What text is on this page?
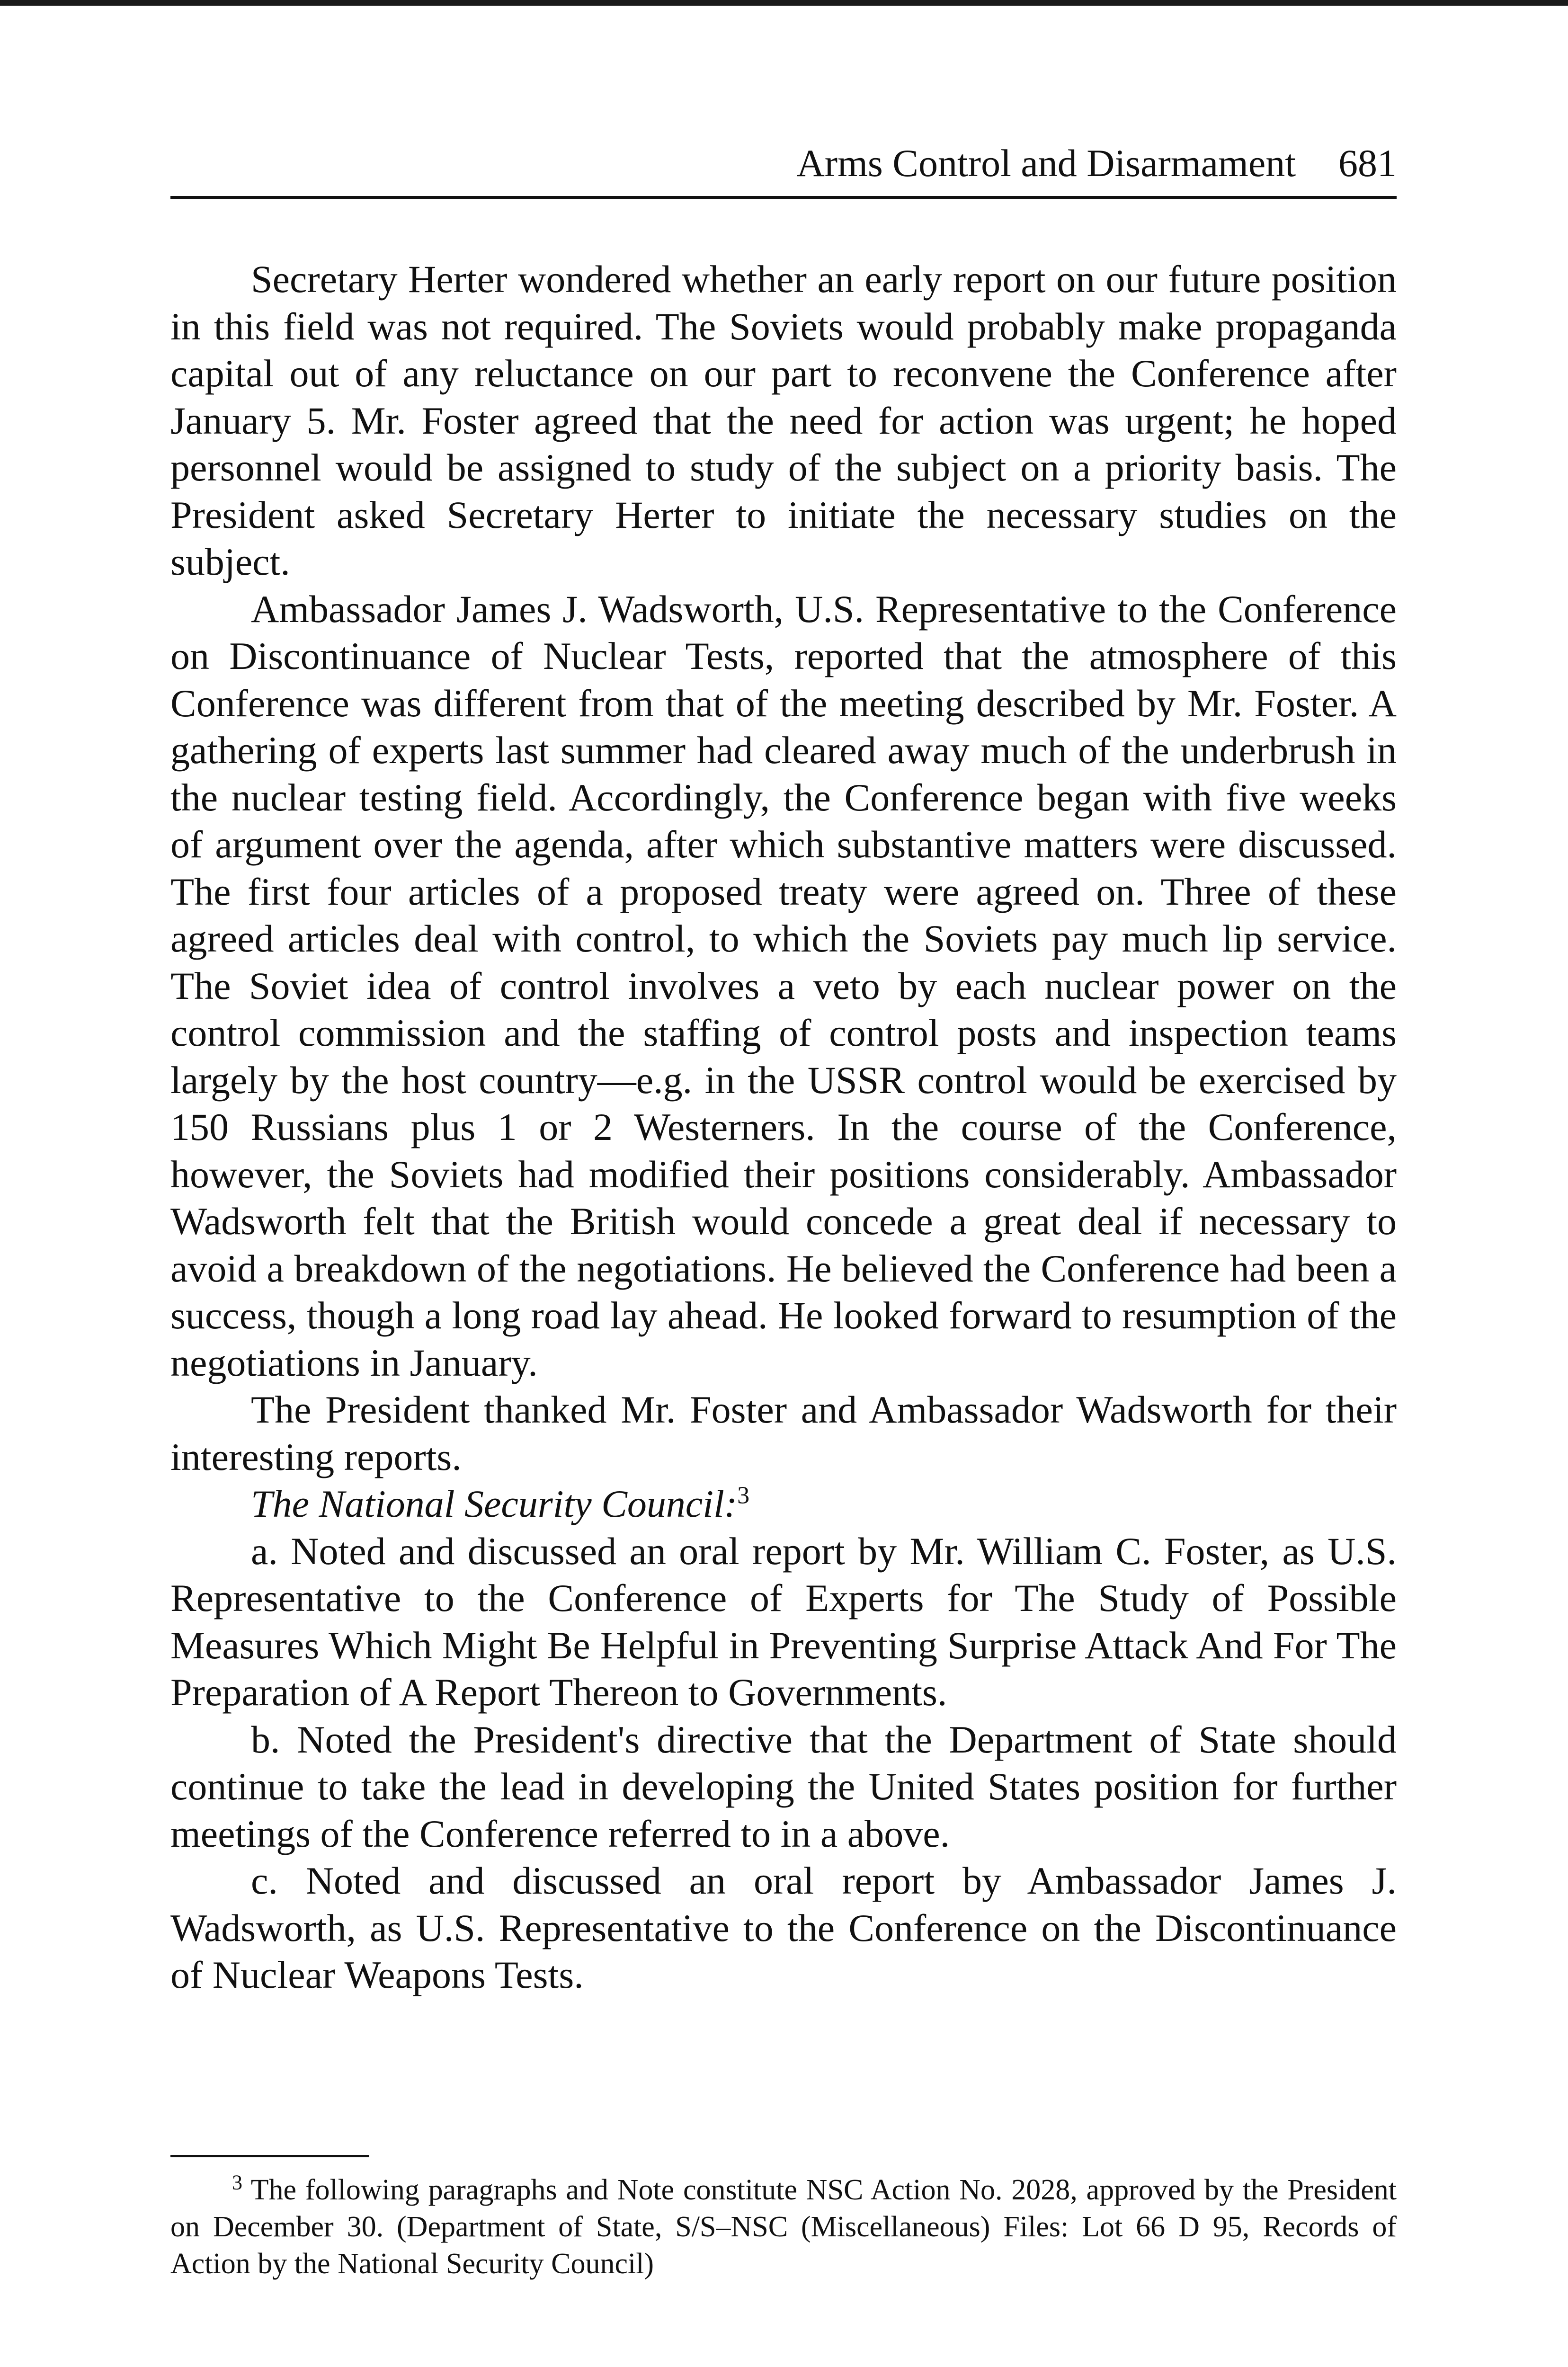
Arms Control and Disarmament 681

Secretary Herter wondered whether an early report on our future position in this field was not required. The Soviets would probably make propaganda capital out of any reluctance on our part to reconvene the Conference after January 5. Mr. Foster agreed that the need for action was urgent; he hoped personnel would be assigned to study of the subject on a priority basis. The President asked Secretary Herter to initiate the necessary studies on the subject.

Ambassador James J. Wadsworth, U.S. Representative to the Conference on Discontinuance of Nuclear Tests, reported that the atmosphere of this Conference was different from that of the meeting described by Mr. Foster. A gathering of experts last summer had cleared away much of the underbrush in the nuclear testing field. Accordingly, the Conference began with five weeks of argument over the agenda, after which substantive matters were discussed. The first four articles of a proposed treaty were agreed on. Three of these agreed articles deal with control, to which the Soviets pay much lip service. The Soviet idea of control involves a veto by each nuclear power on the control commission and the staffing of control posts and inspection teams largely by the host country—e.g. in the USSR control would be exercised by 150 Russians plus 1 or 2 Westerners. In the course of the Conference, however, the Soviets had modified their positions considerably. Ambassador Wadsworth felt that the British would concede a great deal if necessary to avoid a breakdown of the negotiations. He believed the Conference had been a success, though a long road lay ahead. He looked forward to resumption of the negotiations in January.

The President thanked Mr. Foster and Ambassador Wadsworth for their interesting reports.

The National Security Council:$^3$

a. Noted and discussed an oral report by Mr. William C. Foster, as U.S. Representative to the Conference of Experts for The Study of Possible Measures Which Might Be Helpful in Preventing Surprise Attack And For The Preparation of A Report Thereon to Governments.

b. Noted the President's directive that the Department of State should continue to take the lead in developing the United States position for further meetings of the Conference referred to in a above.

c. Noted and discussed an oral report by Ambassador James J. Wadsworth, as U.S. Representative to the Conference on the Discontinuance of Nuclear Weapons Tests.

$^3$ The following paragraphs and Note constitute NSC Action No. 2028, approved by the President on December 30. (Department of State, S/S–NSC (Miscellaneous) Files: Lot 66 D 95, Records of Action by the National Security Council)
